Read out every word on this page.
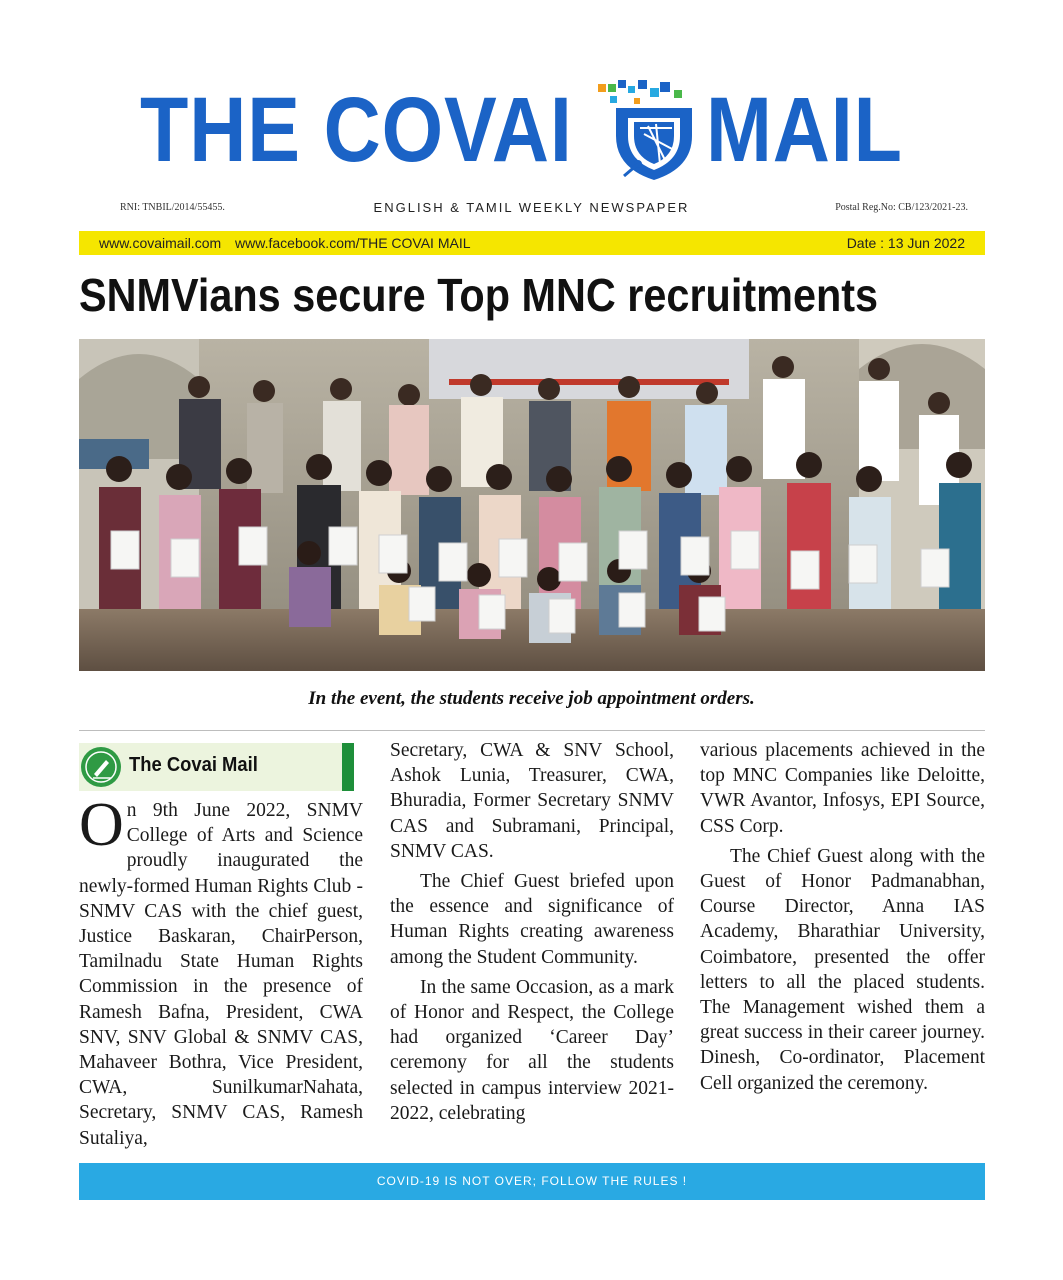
THE COVAI MAIL
RNI: TNBIL/2014/55455.	ENGLISH & TAMIL WEEKLY NEWSPAPER	Postal Reg.No: CB/123/2021-23.
www.covaimail.com www.facebook.com/THE COVAI MAIL	Date : 13 Jun 2022
SNMVians secure Top MNC recruitments
In the event, the students receive job appointment orders.
The Covai Mail

On 9th June 2022, SNMV College of Arts and Science proudly inaugurated the newly-formed Human Rights Club - SNMV CAS with the chief guest, Justice Baskaran, ChairPerson, Tamilnadu State Human Rights Commission in the presence of Ramesh Bafna, President, CWA SNV, SNV Global & SNMV CAS, Mahaveer Bothra, Vice President, CWA, SunilkumarNahata, Secretary, SNMV CAS, Ramesh Sutaliya,

Secretary, CWA & SNV School, Ashok Lunia, Treasurer, CWA, Bhuradia, Former Secretary SNMV CAS and Subramani, Principal, SNMV CAS.

The Chief Guest briefed upon the essence and significance of Human Rights creating awareness among the Student Community.

In the same Occasion, as a mark of Honor and Respect, the College had organized ‘Career Day’ ceremony for all the students selected in campus interview 2021-2022, celebrating

various placements achieved in the top MNC Companies like Deloitte, VWR Avantor, Infosys, EPI Source, CSS Corp.

The Chief Guest along with the Guest of Honor Padmanabhan, Course Director, Anna IAS Academy, Bharathiar University, Coimbatore, presented the offer letters to all the placed students. The Management wished them a great success in their career journey. Dinesh, Co-ordinator, Placement Cell organized the ceremony.

COVID-19 IS NOT OVER; FOLLOW THE RULES !
